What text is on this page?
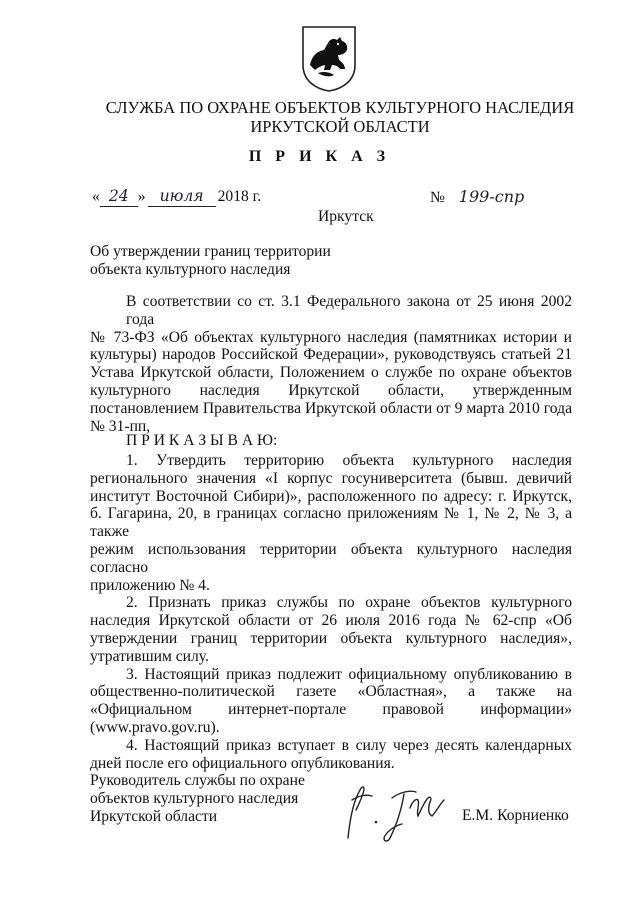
СЛУЖБА ПО ОХРАНЕ ОБЪЕКТОВ КУЛЬТУРНОГО НАСЛЕДИЯ
ИРКУТСКОЙ ОБЛАСТИ
П Р И К А З
« 24 » июля 2018 г.	№ 199-спр
Иркутск

Об утверждении границ территории

объекта культурного наследия

В соответствии со ст. 3.1 Федерального закона от 25 июня 2002 года

№ 73-ФЗ «Об объектах культурного наследия (памятниках истории и

культуры) народов Российской Федерации», руководствуясь статьей 21

Устава Иркутской области, Положением о службе по охране объектов

культурного наследия Иркутской области, утвержденным

постановлением Правительства Иркутской области от 9 марта 2010 года

№ 31-пп,

П Р И К А З Ы В А Ю:

1. Утвердить территорию объекта культурного наследия

регионального значения «I корпус госуниверситета (бывш. девичий

институт Восточной Сибири)», расположенного по адресу: г. Иркутск,

б. Гагарина, 20, в границах согласно приложениям № 1, № 2, № 3, а также

режим использования территории объекта культурного наследия согласно

приложению № 4.

2. Признать приказ службы по охране объектов культурного

наследия Иркутской области от 26 июля 2016 года № 62-спр «Об

утверждении границ территории объекта культурного наследия»,

утратившим силу.

3. Настоящий приказ подлежит официальному опубликованию в

общественно-политической газете «Областная», а также на

«Официальном интернет-портале правовой информации»

(www.pravo.gov.ru).

4. Настоящий приказ вступает в силу через десять календарных

дней после его официального опубликования.

Руководитель службы по охране

объектов культурного наследия

Иркутской области	Е.М. Корниенко
